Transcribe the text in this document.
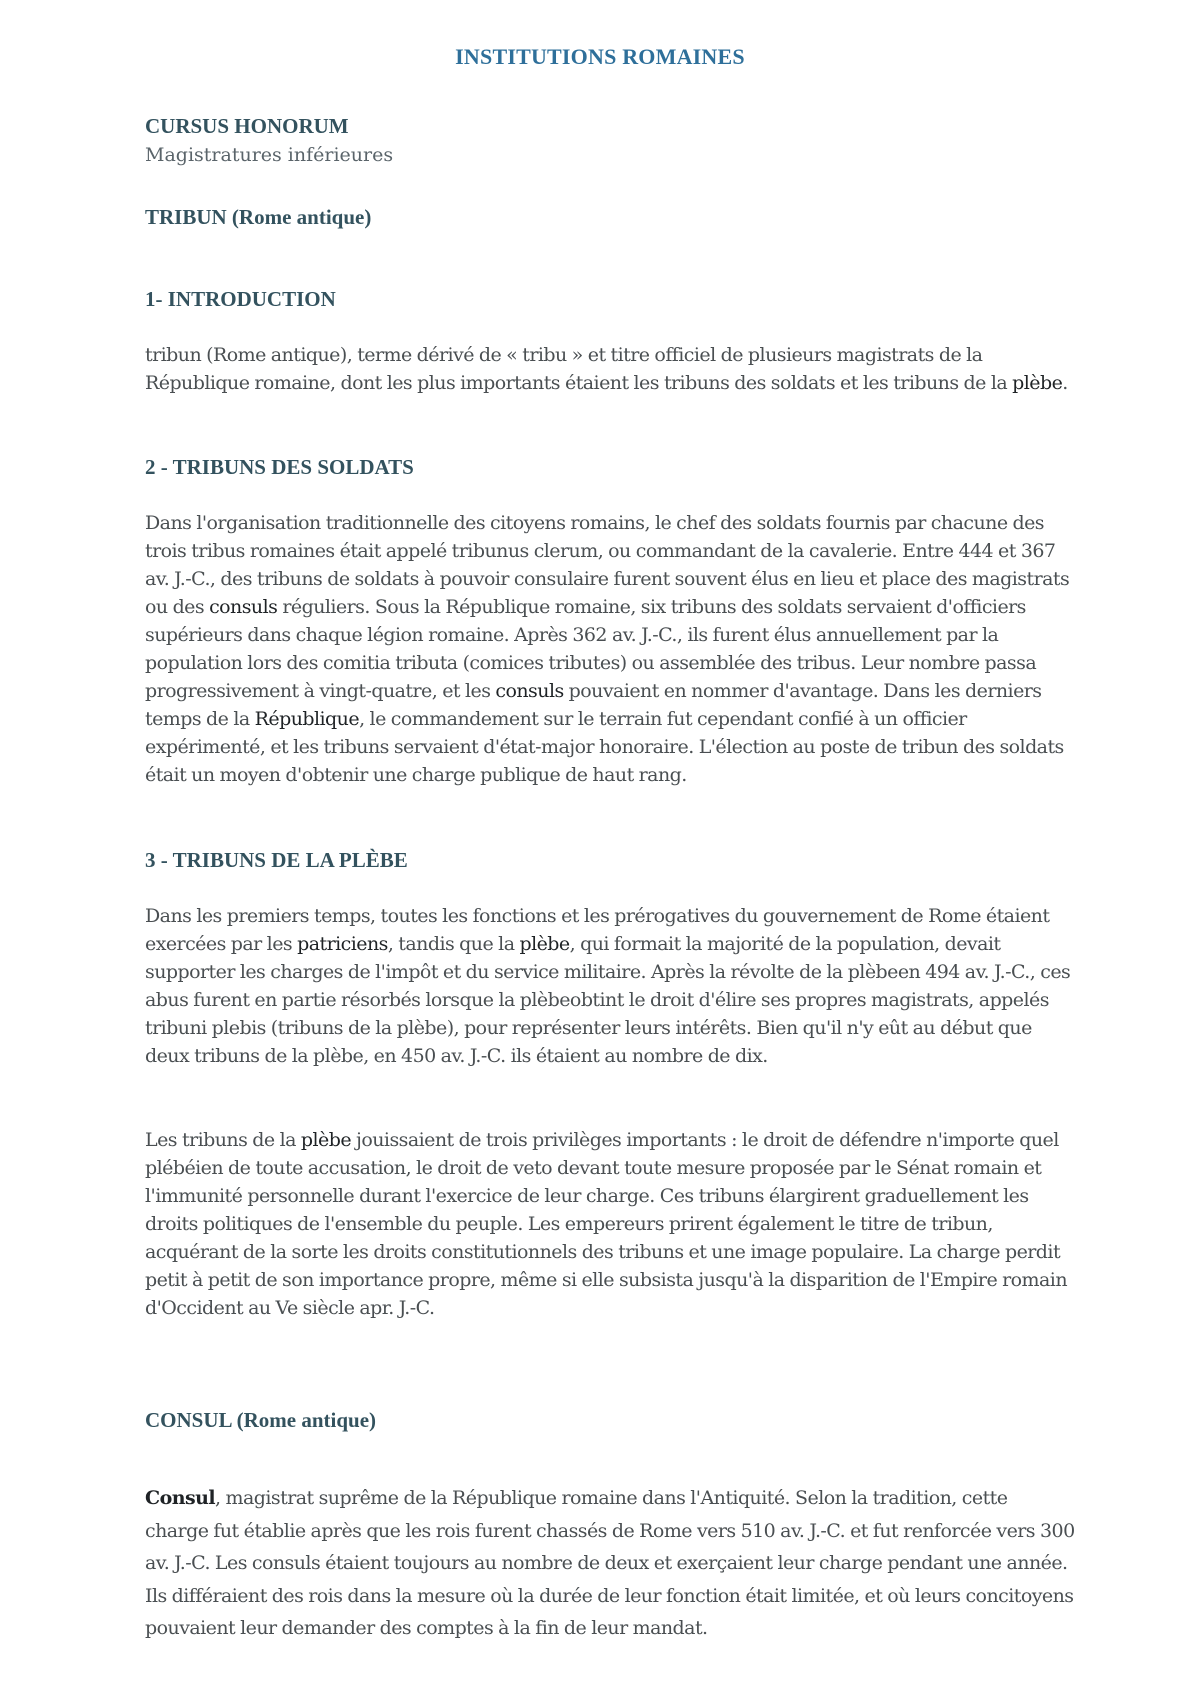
INSTITUTIONS ROMAINES
CURSUS HONORUM
Magistratures inférieures
TRIBUN (Rome antique)
1- INTRODUCTION

tribun (Rome antique), terme dérivé de « tribu » et titre officiel de plusieurs magistrats de la République romaine, dont les plus importants étaient les tribuns des soldats et les tribuns de la plèbe.

2 - TRIBUNS DES SOLDATS

Dans l'organisation traditionnelle des citoyens romains, le chef des soldats fournis par chacune des trois tribus romaines était appelé tribunus clerum, ou commandant de la cavalerie. Entre 444 et 367 av. J.-C., des tribuns de soldats à pouvoir consulaire furent souvent élus en lieu et place des magistrats ou des consuls réguliers. Sous la République romaine, six tribuns des soldats servaient d'officiers supérieurs dans chaque légion romaine. Après 362 av. J.-C., ils furent élus annuellement par la population lors des comitia tributa (comices tributes) ou assemblée des tribus. Leur nombre passa progressivement à vingt-quatre, et les consuls pouvaient en nommer d'avantage. Dans les derniers temps de la République, le commandement sur le terrain fut cependant confié à un officier expérimenté, et les tribuns servaient d'état-major honoraire. L'élection au poste de tribun des soldats était un moyen d'obtenir une charge publique de haut rang.

3 - TRIBUNS DE LA PLÈBE

Dans les premiers temps, toutes les fonctions et les prérogatives du gouvernement de Rome étaient exercées par les patriciens, tandis que la plèbe, qui formait la majorité de la population, devait supporter les charges de l'impôt et du service militaire. Après la révolte de la plèbeen 494 av. J.-C., ces abus furent en partie résorbés lorsque la plèbeobtint le droit d'élire ses propres magistrats, appelés tribuni plebis (tribuns de la plèbe), pour représenter leurs intérêts. Bien qu'il n'y eût au début que deux tribuns de la plèbe, en 450 av. J.-C. ils étaient au nombre de dix.

Les tribuns de la plèbe jouissaient de trois privilèges importants : le droit de défendre n'importe quel plébéien de toute accusation, le droit de veto devant toute mesure proposée par le Sénat romain et l'immunité personnelle durant l'exercice de leur charge. Ces tribuns élargirent graduellement les droits politiques de l'ensemble du peuple. Les empereurs prirent également le titre de tribun, acquérant de la sorte les droits constitutionnels des tribuns et une image populaire. La charge perdit petit à petit de son importance propre, même si elle subsista jusqu'à la disparition de l'Empire romain d'Occident au Ve siècle apr. J.-C.

CONSUL (Rome antique)

Consul, magistrat suprême de la République romaine dans l'Antiquité. Selon la tradition, cette charge fut établie après que les rois furent chassés de Rome vers 510 av. J.-C. et fut renforcée vers 300 av. J.-C. Les consuls étaient toujours au nombre de deux et exerçaient leur charge pendant une année. Ils différaient des rois dans la mesure où la durée de leur fonction était limitée, et où leurs concitoyens pouvaient leur demander des comptes à la fin de leur mandat.
